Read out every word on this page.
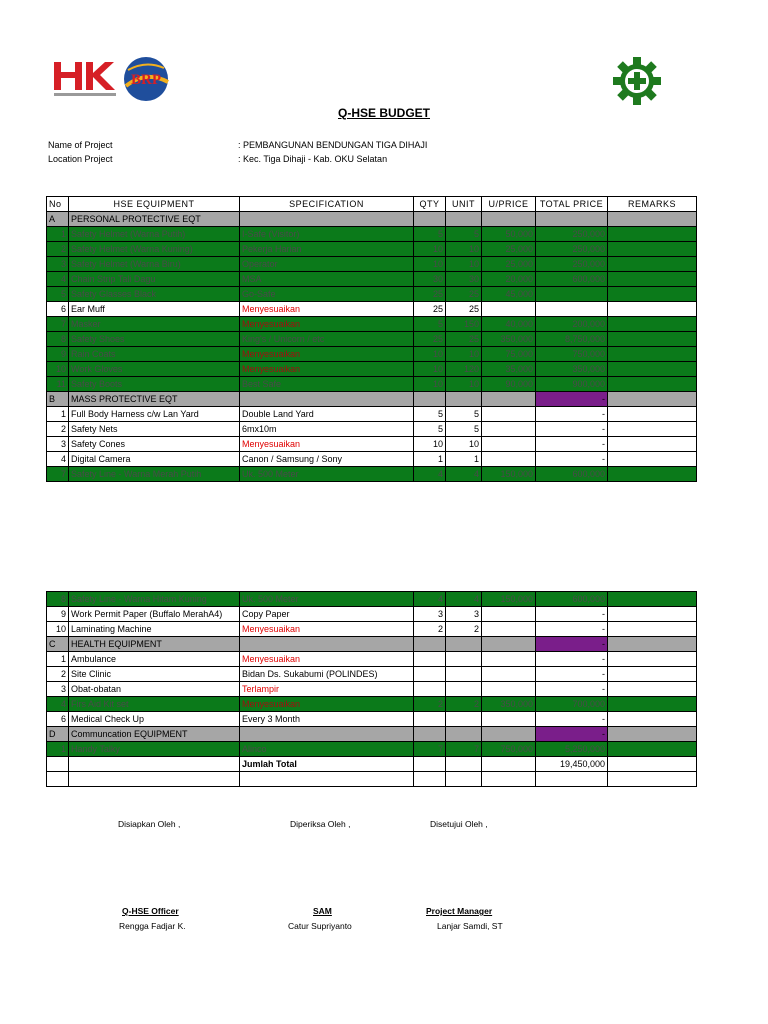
BRP
Q-HSE BUDGET
Name of Project	: PEMBANGUNAN BENDUNGAN TIGA DIHAJI
Location Project	: Kec. Tiga Dihaji - Kab. OKU Selatan
No	HSE EQUIPMENT	SPECIFICATION	QTY	UNIT	U/PRICE	TOTAL PRICE	REMARKS
A	PERSONAL PROTECTIVE EQT						
1	Safety Helmet (Warna Putih)	I-Safe (Visitor)	5	5	50,000	250,000	
2	Safety Helmet (Warna Kuning)	Pekerja Harian	10	10	25,000	250,000	
3	Safety Helmet (Warna Biru)	Operator	10	10	25,000	250,000	
4	Chain Strip Tali Dagu	MSA	30	30	20,000	600,000	
5	Safety Glasses Black	Go-Safe	25	25	45,000		
6	Ear Muff	Menyesuaikan	25	25			
7	Masker	Menyesuaikan	5	150	40,000	200,000	
8	Safety Shoes	King's / Unicorn / etc	25	25	350,000	8,750,000	
9	Rain Coats	Menyesuaikan	10	10	75,000	750,000	
10	Work Gloves	Menyesuaikan	10	120	35,000	350,000	
11	Safety Boots	Best Safe	10	10	90,000	900,000	
B	MASS PROTECTIVE EQT					-	
1	Full Body Harness c/w Lan Yard	Double Land Yard	5	5		-	
2	Safety Nets	6mx10m	5	5		-	
3	Safety Cones	Menyesuaikan	10	10		-	
4	Digital Camera	Canon / Samsung / Sony	1	1		-	
7	Safety Line - Warna Merah Putih	Uk. 500 Meter	4	4	150,000	600,000	
8	Safety Line - Warna Hitam Kuning	Uk. 500 Meter	4	4	150,000	600,000	
9	Work Permit Paper (Buffalo MerahA4)	Copy Paper	3	3		-	
10	Laminating Machine	Menyesuaikan	2	2		-	
C	HEALTH EQUIPMENT					-	
1	Ambulance	Menyesuaikan				-	
2	Site Clinic	Bidan Ds. Sukabumi (POLINDES)				-	
3	Obat-obatan	Terlampir				-	
4	Firs Aid Kit set	Menyesuaikan	2	2	350,000	700,000	
6	Medical Check Up	Every 3 Month				-	
D	Communcation EQUIPMENT					-	
1	Handy Talky	Alinco	7	7	750,000	5,250,000	
		Jumlah Total				19,450,000	

Disiapkan Oleh ,	Diperiksa Oleh ,	Disetujui Oleh ,
Q-HSE Officer	SAM	Project Manager
Rengga Fadjar K.	Catur Supriyanto	Lanjar Samdi, ST
